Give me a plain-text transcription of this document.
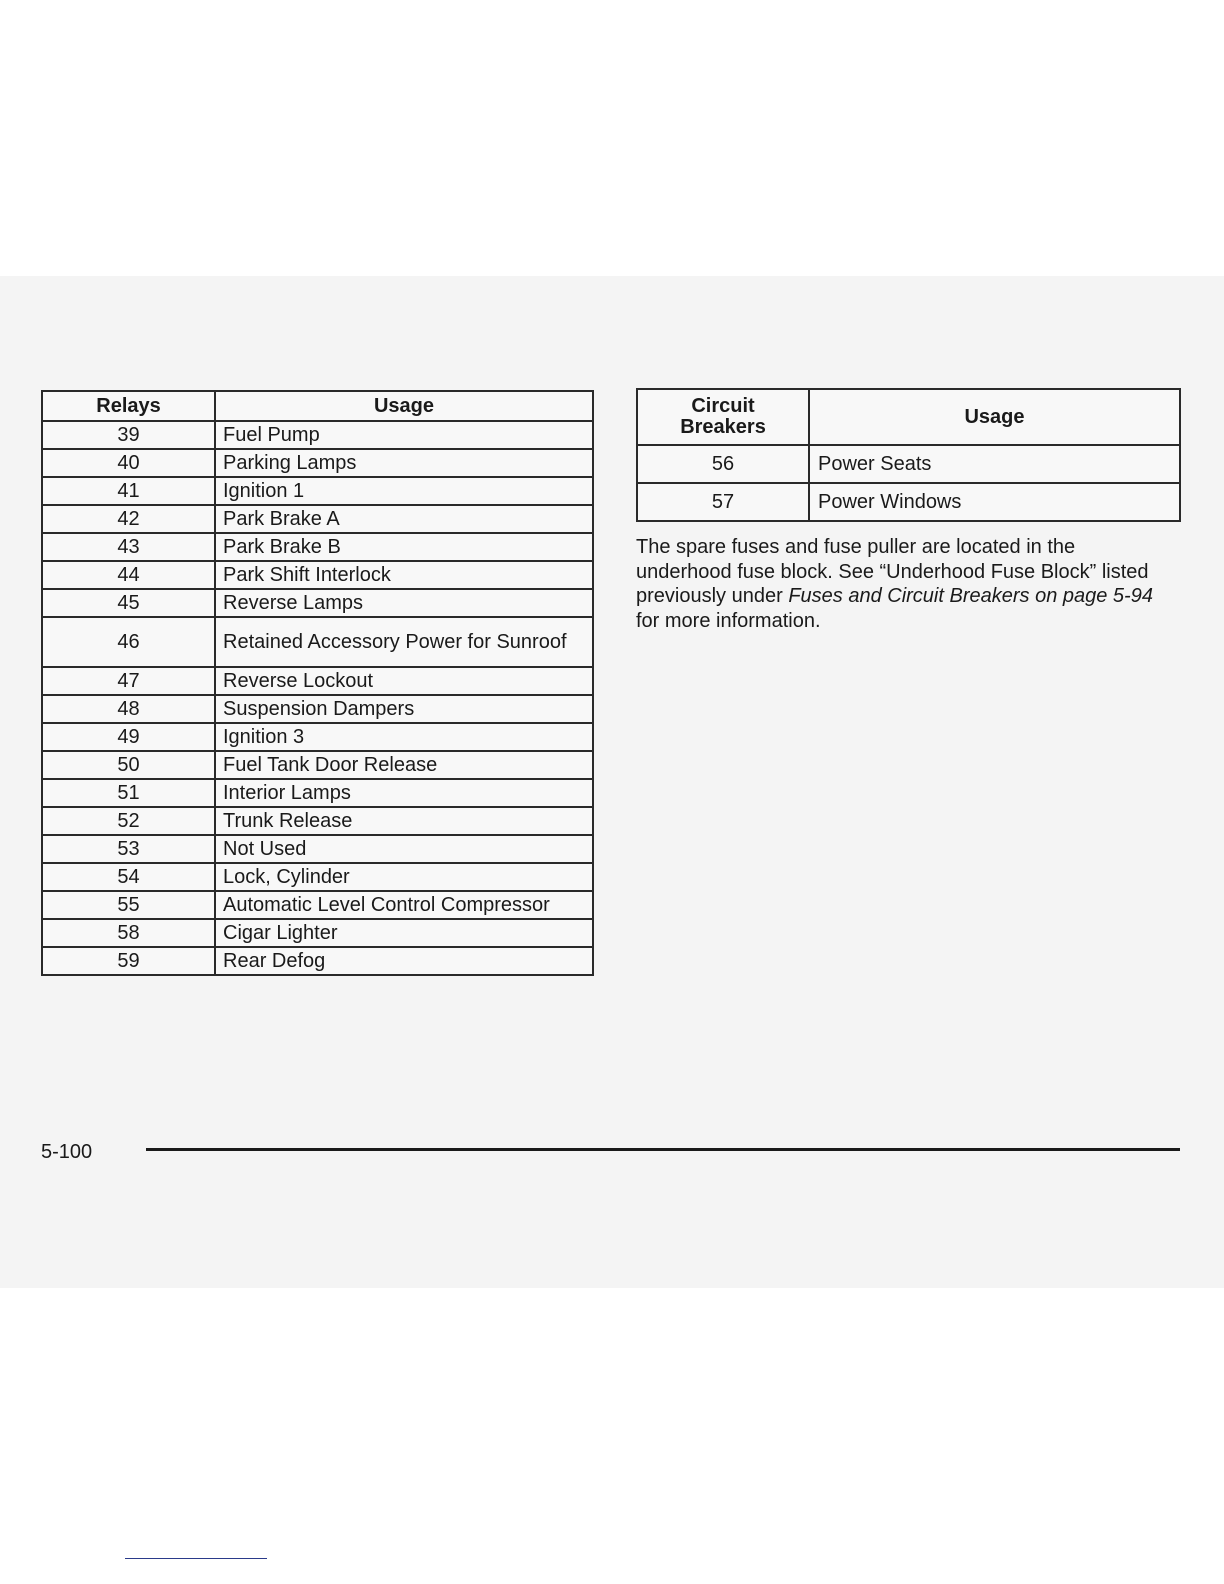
Relays	Usage
39	Fuel Pump
40	Parking Lamps
41	Ignition 1
42	Park Brake A
43	Park Brake B
44	Park Shift Interlock
45	Reverse Lamps
46	Retained Accessory Power for Sunroof
47	Reverse Lockout
48	Suspension Dampers
49	Ignition 3
50	Fuel Tank Door Release
51	Interior Lamps
52	Trunk Release
53	Not Used
54	Lock, Cylinder
55	Automatic Level Control Compressor
58	Cigar Lighter
59	Rear Defog
Circuit Breakers	Usage
56	Power Seats
57	Power Windows

The spare fuses and fuse puller are located in the underhood fuse block. See “Underhood Fuse Block” listed previously under Fuses and Circuit Breakers on page 5-94 for more information.

5-100
